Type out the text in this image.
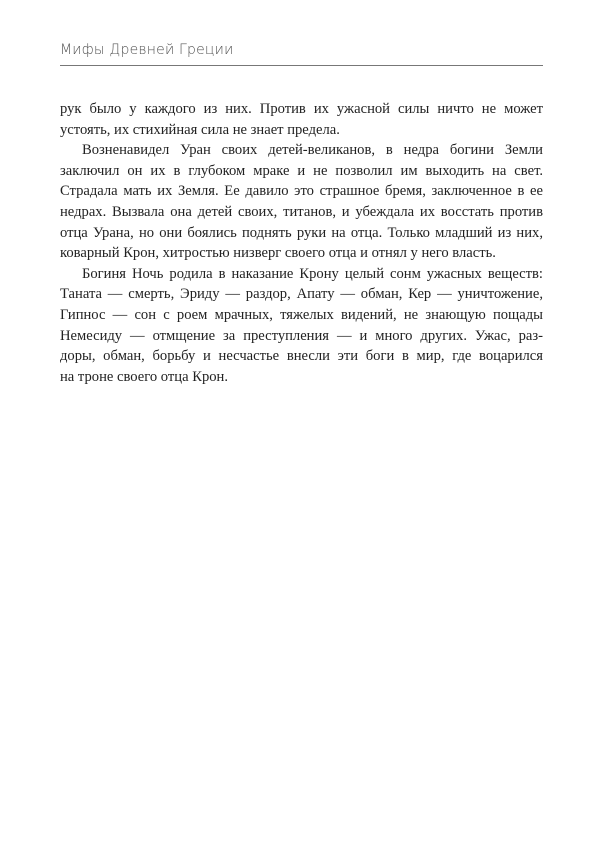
Мифы Древней Греции

рук было у каждого из них. Против их ужасной силы ничто не может
устоять, их стихийная сила не знает предела.

Возненавидел Уран своих детей-великанов, в недра богини Земли
заключил он их в глубоком мраке и не позволил им выходить на свет.
Страдала мать их Земля. Ее давило это страшное бремя, заключенное в ее
недрах. Вызвала она детей своих, титанов, и убеждала их восстать против
отца Урана, но они боялись поднять руки на отца. Только младший из них,
коварный Крон, хитростью низверг своего отца и отнял у него власть.

Богиня Ночь родила в наказание Крону целый сонм ужасных веществ:
Таната — смерть, Эриду — раздор, Апату — обман, Кер — уничтожение,
Гипнос — сон с роем мрачных, тяжелых видений, не знающую пощады
Немесиду — отмщение за преступления — и много других. Ужас, раз-
доры, обман, борьбу и несчастье внесли эти боги в мир, где воцарился
на троне своего отца Крон.
